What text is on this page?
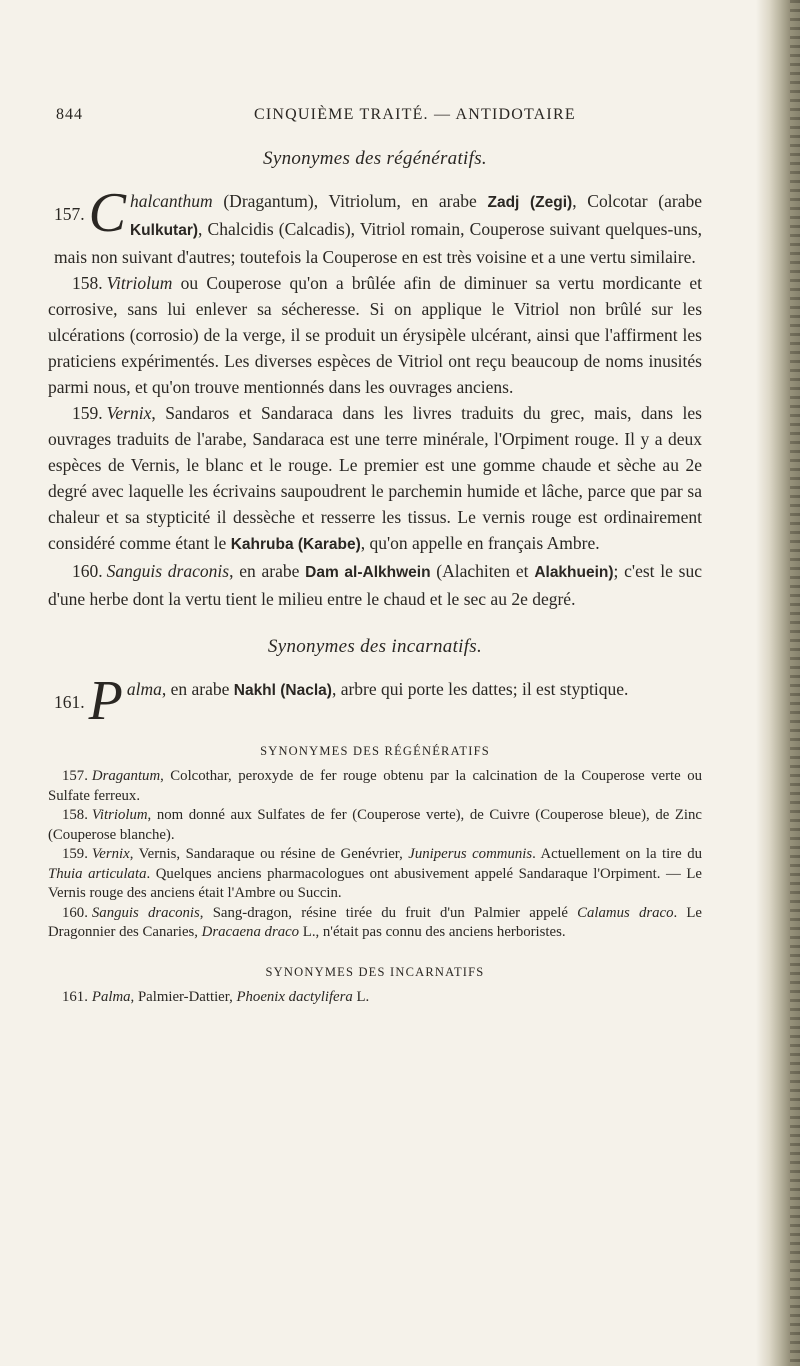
844	CINQUIÈME TRAITÉ. — ANTIDOTAIRE
Synonymes des régénératifs.

157. C halcanthum (Dragantum), Vitriolum, en arabe Zadj (Zegi), Colcotar (arabe Kulkutar), Chalcidis (Calcadis), Vitriol romain, Couperose suivant quelques-uns, mais non suivant d'autres; toutefois la Couperose en est très voisine et a une vertu similaire.

158. Vitriolum ou Couperose qu'on a brûlée afin de diminuer sa vertu mordicante et corrosive, sans lui enlever sa sécheresse. Si on applique le Vitriol non brûlé sur les ulcérations (corrosio) de la verge, il se produit un érysipèle ulcérant, ainsi que l'affirment les praticiens expérimentés. Les diverses espèces de Vitriol ont reçu beaucoup de noms inusités parmi nous, et qu'on trouve mentionnés dans les ouvrages anciens.

159. Vernix, Sandaros et Sandaraca dans les livres traduits du grec, mais, dans les ouvrages traduits de l'arabe, Sandaraca est une terre minérale, l'Orpiment rouge. Il y a deux espèces de Vernis, le blanc et le rouge. Le premier est une gomme chaude et sèche au 2e degré avec laquelle les écrivains saupoudrent le parchemin humide et lâche, parce que par sa chaleur et sa stypticité il dessèche et resserre les tissus. Le vernis rouge est ordinairement considéré comme étant le Kahruba (Karabe), qu'on appelle en français Ambre.

160. Sanguis draconis, en arabe Dam al-Alkhwein (Alachiten et Alakhuein); c'est le suc d'une herbe dont la vertu tient le milieu entre le chaud et le sec au 2e degré.

Synonymes des incarnatifs.

161. P alma, en arabe Nakhl (Nacla), arbre qui porte les dattes; il est styptique.

SYNONYMES DES RÉGÉNÉRATIFS

157. Dragantum, Colcothar, peroxyde de fer rouge obtenu par la calcination de la Couperose verte ou Sulfate ferreux.

158. Vitriolum, nom donné aux Sulfates de fer (Couperose verte), de Cuivre (Couperose bleue), de Zinc (Couperose blanche).

159. Vernix, Vernis, Sandaraque ou résine de Genévrier, Juniperus communis. Actuellement on la tire du Thuia articulata. Quelques anciens pharmacologues ont abusivement appelé Sandaraque l'Orpiment. — Le Vernis rouge des anciens était l'Ambre ou Succin.

160. Sanguis draconis, Sang-dragon, résine tirée du fruit d'un Palmier appelé Calamus draco. Le Dragonnier des Canaries, Dracaena draco L., n'était pas connu des anciens herboristes.

SYNONYMES DES INCARNATIFS

161. Palma, Palmier-Dattier, Phoenix dactylifera L.
